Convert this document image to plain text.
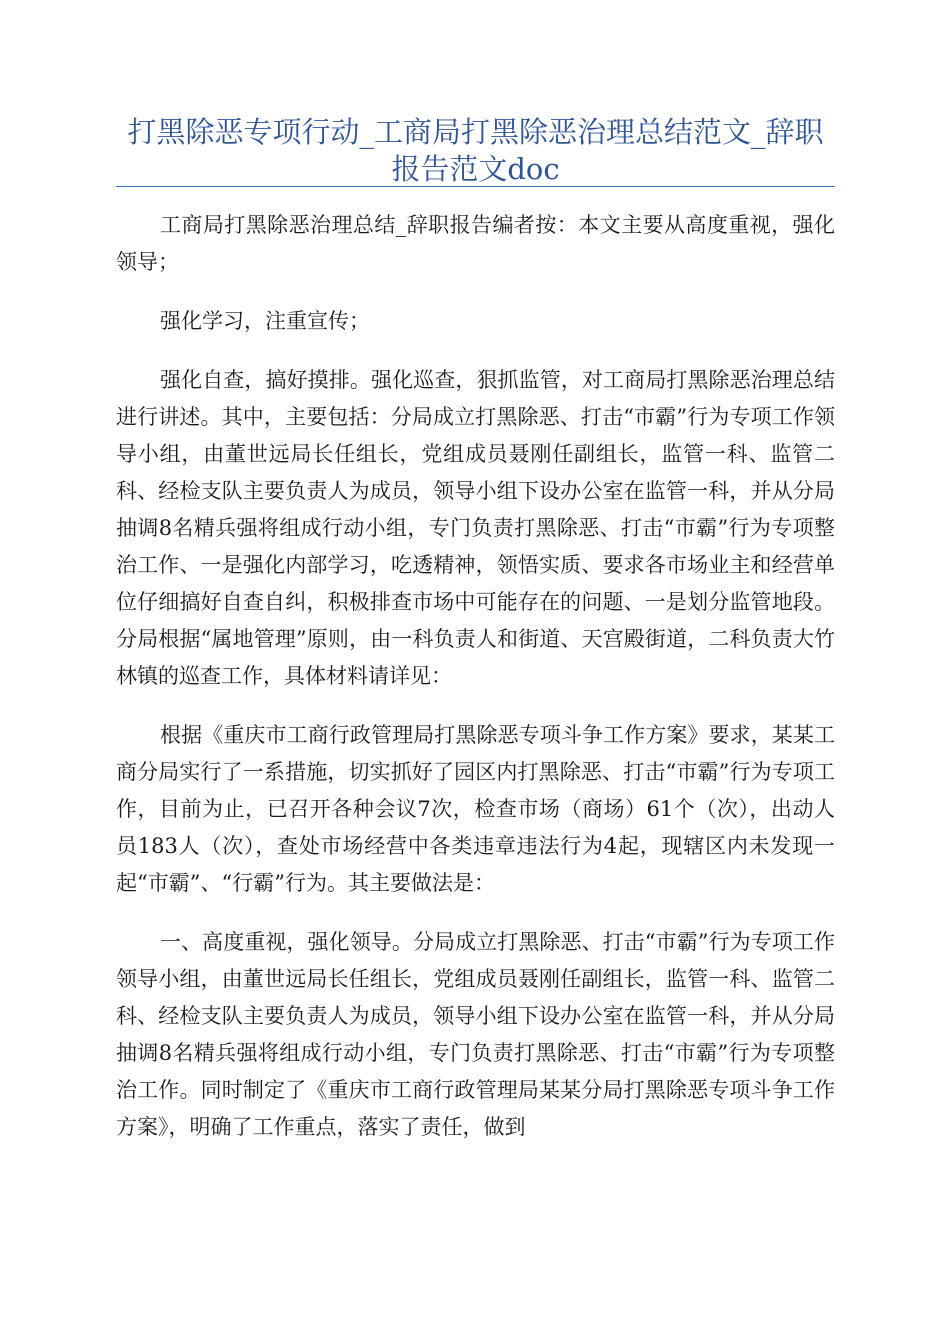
打黑除恶专项行动_工商局打黑除恶治理总结范文_辞职报告范文doc

工商局打黑除恶治理总结_辞职报告编者按：本文主要从高度重视，强化领导；

强化学习，注重宣传；

强化自查，搞好摸排。强化巡查，狠抓监管，对工商局打黑除恶治理总结进行讲述。其中，主要包括：分局成立打黑除恶、打击“市霸”行为专项工作领导小组，由董世远局长任组长，党组成员聂刚任副组长，监管一科、监管二科、经检支队主要负责人为成员，领导小组下设办公室在监管一科，并从分局抽调8名精兵强将组成行动小组，专门负责打黑除恶、打击“市霸”行为专项整治工作、一是强化内部学习，吃透精神，领悟实质、要求各市场业主和经营单位仔细搞好自查自纠，积极排查市场中可能存在的问题、一是划分监管地段。分局根据“属地管理”原则，由一科负责人和街道、天宫殿街道，二科负责大竹林镇的巡查工作，具体材料请详见：

根据《重庆市工商行政管理局打黑除恶专项斗争工作方案》要求，某某工商分局实行了一系措施，切实抓好了园区内打黑除恶、打击“市霸”行为专项工作，目前为止，已召开各种会议7次，检查市场（商场）61个（次），出动人员183人（次），查处市场经营中各类违章违法行为4起，现辖区内未发现一起“市霸”、“行霸”行为。其主要做法是：

一、高度重视，强化领导。分局成立打黑除恶、打击“市霸”行为专项工作领导小组，由董世远局长任组长，党组成员聂刚任副组长，监管一科、监管二科、经检支队主要负责人为成员，领导小组下设办公室在监管一科，并从分局抽调8名精兵强将组成行动小组，专门负责打黑除恶、打击“市霸”行为专项整治工作。同时制定了《重庆市工商行政管理局某某分局打黑除恶专项斗争工作方案》，明确了工作重点，落实了责任，做到
